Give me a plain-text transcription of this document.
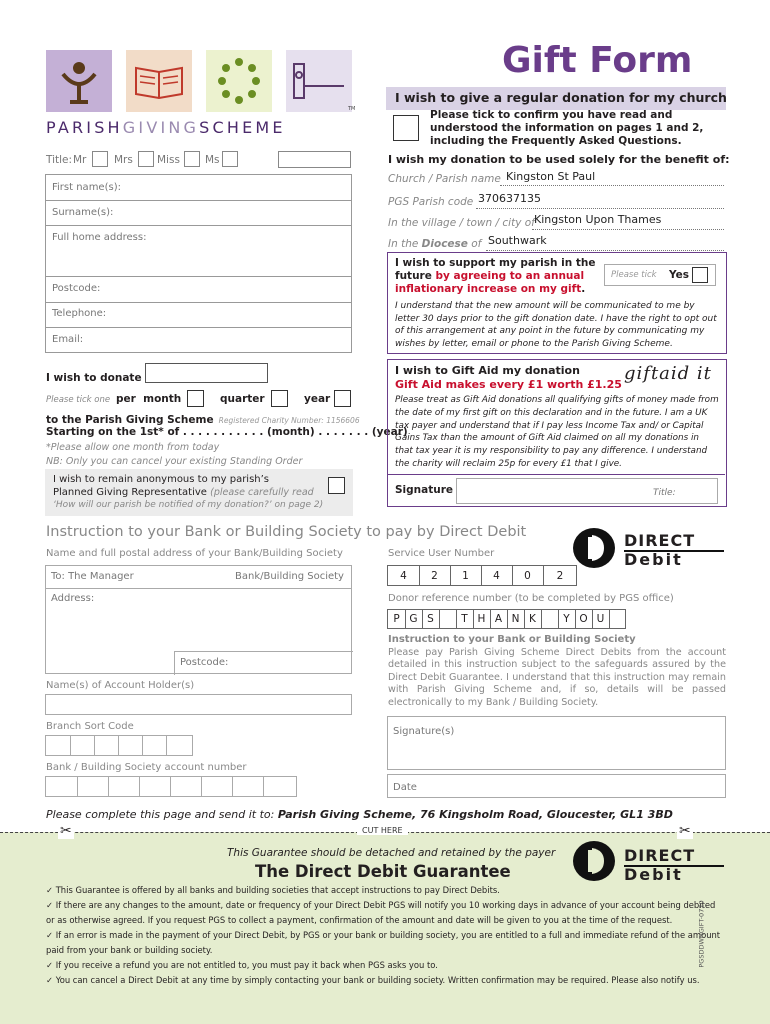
TM
PARISHGIVINGSCHEME
Gift Form
I wish to give a regular donation for my church
Please tick to confirm you have read and understood the information on pages 1 and 2, including the Frequently Asked Questions.
Title: Mr	Mrs Miss Ms
First name(s):
Surname(s):
Full home address:
Postcode:
Telephone:
Email:
I wish my donation to be used solely for the benefit of:
Church / Parish name Kingston St Paul
PGS Parish code 370637135
In the village / town / city of Kingston Upon Thames
In the Diocese of Southwark
I wish to support my parish in the
future by agreeing to an annual
inflationary increase on my gift.
Please tick Yes
I understand that the new amount will be communicated to me by letter 30 days prior to the gift donation date. I have the right to opt out of this arrangement at any point in the future by communicating my wishes by letter, email or phone to the Parish Giving Scheme.
I wish to donate
Please tick one per  month	quarter	year
to the Parish Giving Scheme Registered Charity Number: 1156606
Starting on the 1st* of . . . . . . . . . . . (month) . . . . . . . (year)
*Please allow one month from today
NB: Only you can cancel your existing Standing Order
I wish to remain anonymous to my parish’s
Planned Giving Representative (please carefully read
‘How will our parish be notified of my donation?’ on page 2)
I wish to Gift Aid my donation
Gift Aid makes every £1 worth £1.25
giftaid it
Please treat as Gift Aid donations all qualifying gifts of money made from the date of my first gift on this declaration and in the future. I am a UK tax payer and understand that if I pay less Income Tax and/ or Capital Gains Tax than the amount of Gift Aid claimed on all my donations in that tax year it is my responsibility to pay any difference. I understand the charity will reclaim 25p for every £1 that I give.
Signature	Title:
Instruction to your Bank or Building Society to pay by Direct Debit	DIRECT
Debit
Name and full postal address of your Bank/Building Society
To: The Manager	Bank/Building Society
Address:
Postcode:
Name(s) of Account Holder(s)
Branch Sort Code
Bank / Building Society account number
Service User Number
4	2	1	4	0	2
Donor reference number (to be completed by PGS office)
P G S	T H A N K	Y O U
Instruction to your Bank or Building Society
Please pay Parish Giving Scheme Direct Debits from the account detailed in this instruction subject to the safeguards assured by the Direct Debit Guarantee. I understand that this instruction may remain with Parish Giving Scheme and, if so, details will be passed electronically to my Bank / Building Society.
Signature(s)
Date
Please complete this page and send it to: Parish Giving Scheme, 76 Kingsholm Road, Gloucester, GL1 3BD
✂	✂
CUT HERE
This Guarantee should be detached and retained by the payer
The Direct Debit Guarantee
DIRECT
Debit
✓ This Guarantee is offered by all banks and building societies that accept instructions to pay Direct Debits.
✓ If there are any changes to the amount, date or frequency of your Direct Debit PGS will notify you 10 working days in advance of your account being debited or as otherwise agreed. If you request PGS to collect a payment, confirmation of the amount and date will be given to you at the time of the request.
✓ If an error is made in the payment of your Direct Debit, by PGS or your bank or building society, you are entitled to a full and immediate refund of the amount paid from your bank or building society.
✓ If you receive a refund you are not entitled to, you must pay it back when PGS asks you to.
✓ You can cancel a Direct Debit at any time by simply contacting your bank or building society. Written confirmation may be required. Please also notify us.
PGSDDWNGIFT-0720
